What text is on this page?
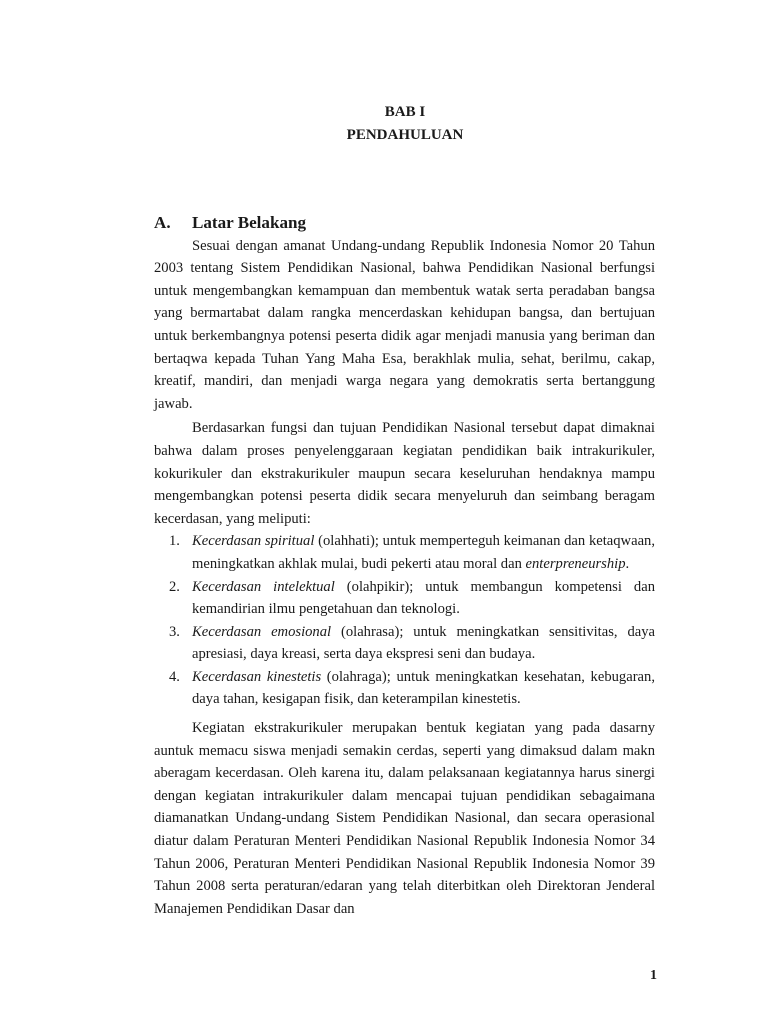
BAB I
PENDAHULUAN
A. Latar Belakang

Sesuai dengan amanat Undang-undang Republik Indonesia Nomor 20 Tahun 2003 tentang Sistem Pendidikan Nasional, bahwa Pendidikan Nasional berfungsi untuk mengembangkan kemampuan dan membentuk watak serta peradaban bangsa yang bermartabat dalam rangka mencerdaskan kehidupan bangsa, dan bertujuan untuk berkembangnya potensi peserta didik agar menjadi manusia yang beriman dan bertaqwa kepada Tuhan Yang Maha Esa, berakhlak mulia, sehat, berilmu, cakap, kreatif, mandiri, dan menjadi warga negara yang demokratis serta bertanggung jawab.

Berdasarkan fungsi dan tujuan Pendidikan Nasional tersebut dapat dimaknai bahwa dalam proses penyelenggaraan kegiatan pendidikan baik intrakurikuler, kokurikuler dan ekstrakurikuler maupun secara keseluruhan hendaknya mampu mengembangkan potensi peserta didik secara menyeluruh dan seimbang beragam kecerdasan, yang meliputi:

1. Kecerdasan spiritual (olahhati); untuk memperteguh keimanan dan ketaqwaan, meningkatkan akhlak mulai, budi pekerti atau moral dan enterpreneurship.
2. Kecerdasan intelektual (olahpikir); untuk membangun kompetensi dan kemandirian ilmu pengetahuan dan teknologi.
3. Kecerdasan emosional (olahrasa); untuk meningkatkan sensitivitas, daya apresiasi, daya kreasi, serta daya ekspresi seni dan budaya.
4. Kecerdasan kinestetis (olahraga); untuk meningkatkan kesehatan, kebugaran, daya tahan, kesigapan fisik, dan keterampilan kinestetis.

Kegiatan ekstrakurikuler merupakan bentuk kegiatan yang pada dasarny auntuk memacu siswa menjadi semakin cerdas, seperti yang dimaksud dalam makn aberagam kecerdasan. Oleh karena itu, dalam pelaksanaan kegiatannya harus sinergi dengan kegiatan intrakurikuler dalam mencapai tujuan pendidikan sebagaimana diamanatkan Undang-undang Sistem Pendidikan Nasional, dan secara operasional diatur dalam Peraturan Menteri Pendidikan Nasional Republik Indonesia Nomor 34 Tahun 2006, Peraturan Menteri Pendidikan Nasional Republik Indonesia Nomor 39 Tahun 2008 serta peraturan/edaran yang telah diterbitkan oleh Direktoran Jenderal Manajemen Pendidikan Dasar dan

1
